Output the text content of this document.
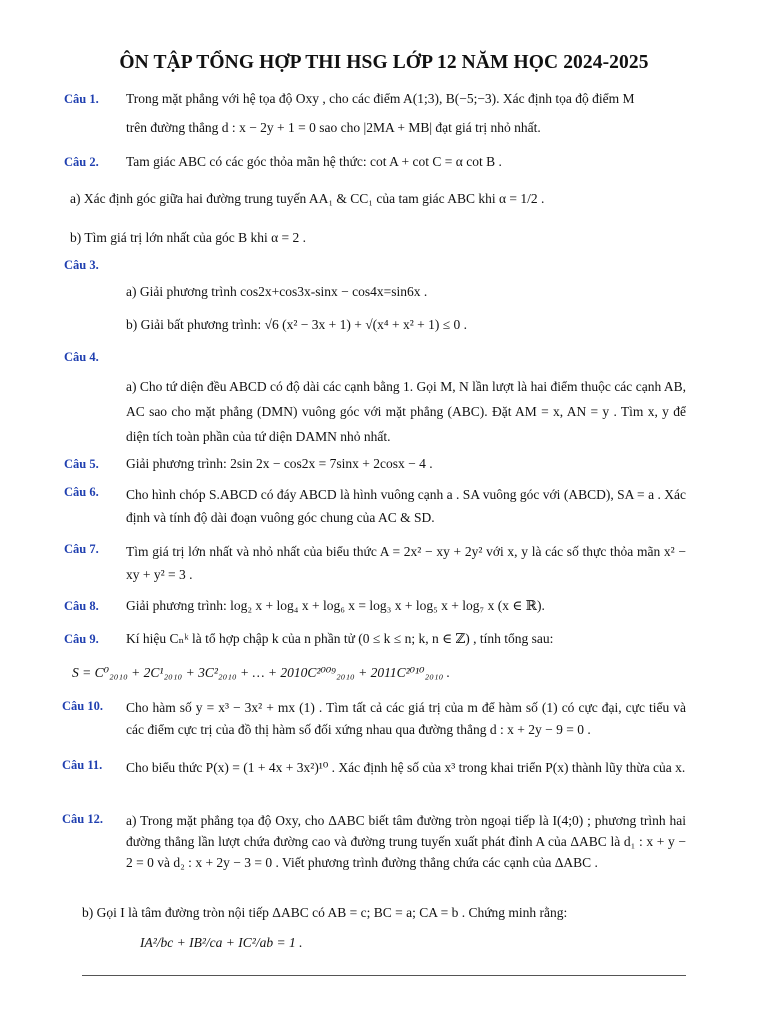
ÔN TẬP TỔNG HỢP THI HSG LỚP 12 NĂM HỌC 2024-2025
Câu 1. Trong mặt phẳng với hệ tọa độ Oxy , cho các điểm A(1;3), B(−5;−3). Xác định tọa độ điểm M
trên đường thẳng d : x − 2y + 1 = 0 sao cho |2MA + MB| đạt giá trị nhỏ nhất.
Câu 2. Tam giác ABC có các góc thỏa mãn hệ thức: cot A + cot C = α cot B .
a) Xác định góc giữa hai đường trung tuyến AA₁ & CC₁ của tam giác ABC khi α = 1/2 .
b) Tìm giá trị lớn nhất của góc B khi α = 2 .
Câu 3.
a) Giải phương trình cos2x+cos3x-sinx − cos4x=sin6x .
b) Giải bất phương trình: √6 (x² − 3x + 1) + √(x⁴ + x² + 1) ≤ 0 .
Câu 4.
a) Cho tứ diện đều ABCD có độ dài các cạnh bằng 1. Gọi M, N lần lượt là hai điểm thuộc các cạnh AB, AC sao cho mặt phẳng (DMN) vuông góc với mặt phẳng (ABC). Đặt AM = x, AN = y . Tìm x, y để diện tích toàn phần của tứ diện DAMN nhỏ nhất.
Câu 5. Giải phương trình: 2sin 2x − cos2x = 7sinx + 2cosx − 4 .
Câu 6. Cho hình chóp S.ABCD có đáy ABCD là hình vuông cạnh a . SA vuông góc với (ABCD), SA = a . Xác định và tính độ dài đoạn vuông góc chung của AC & SD.
Câu 7. Tìm giá trị lớn nhất và nhỏ nhất của biểu thức A = 2x² − xy + 2y² với x, y là các số thực thỏa mãn x² − xy + y² = 3 .
Câu 8. Giải phương trình: log₂ x + log₄ x + log₆ x = log₃ x + log₅ x + log₇ x (x ∈ ℝ).
Câu 9. Kí hiệu Cₙᵏ là tổ hợp chập k của n phần tử (0 ≤ k ≤ n; k, n ∈ ℤ) , tính tổng sau:
S = C⁰₂₀₁₀ + 2C¹₂₀₁₀ + 3C²₂₀₁₀ + … + 2010C²⁰⁰⁹₂₀₁₀ + 2011C²⁰¹⁰₂₀₁₀ .
Câu 10. Cho hàm số y = x³ − 3x² + mx (1) . Tìm tất cả các giá trị của m để hàm số (1) có cực đại, cực tiểu và các điểm cực trị của đồ thị hàm số đối xứng nhau qua đường thẳng d : x + 2y − 9 = 0 .
Câu 11. Cho biểu thức P(x) = (1 + 4x + 3x²)¹⁰ . Xác định hệ số của x³ trong khai triển P(x) thành lũy thừa của x.
Câu 12. a) Trong mặt phẳng tọa độ Oxy, cho ΔABC biết tâm đường tròn ngoại tiếp là I(4;0) ; phương trình hai đường thẳng lần lượt chứa đường cao và đường trung tuyến xuất phát đỉnh A của ΔABC là d₁ : x + y − 2 = 0 và d₂ : x + 2y − 3 = 0 . Viết phương trình đường thẳng chứa các cạnh của ΔABC .
b) Gọi I là tâm đường tròn nội tiếp ΔABC có AB = c; BC = a; CA = b . Chứng minh rằng:
IA²/bc + IB²/ca + IC²/ab = 1 .
